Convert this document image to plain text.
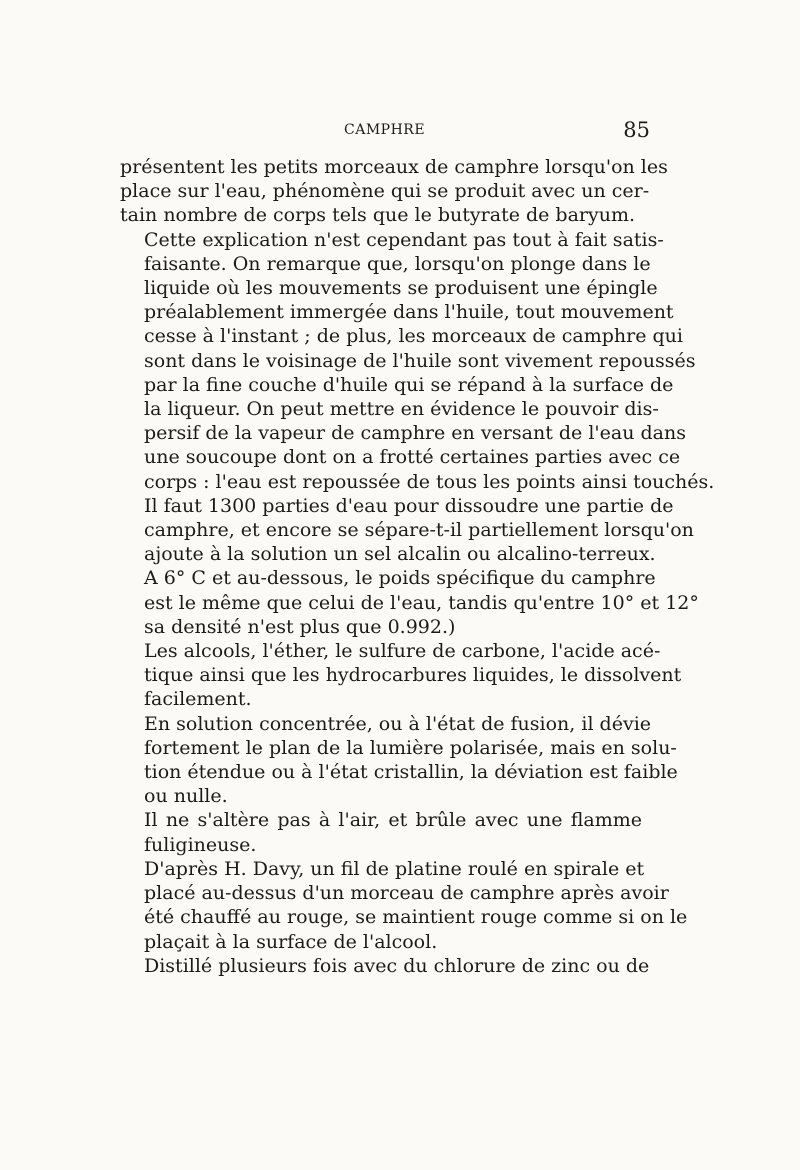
CAMPHRE	85
présentent les petits morceaux de camphre lorsqu'on les
place sur l'eau, phénomène qui se produit avec un cer-
tain nombre de corps tels que le butyrate de baryum.
Cette explication n'est cependant pas tout à fait satis-
faisante. On remarque que, lorsqu'on plonge dans le
liquide où les mouvements se produisent une épingle
préalablement immergée dans l'huile, tout mouvement
cesse à l'instant ; de plus, les morceaux de camphre qui
sont dans le voisinage de l'huile sont vivement repoussés
par la fine couche d'huile qui se répand à la surface de
la liqueur. On peut mettre en évidence le pouvoir dis-
persif de la vapeur de camphre en versant de l'eau dans
une soucoupe dont on a frotté certaines parties avec ce
corps : l'eau est repoussée de tous les points ainsi touchés.
Il faut 1300 parties d'eau pour dissoudre une partie de
camphre, et encore se sépare-t-il partiellement lorsqu'on
ajoute à la solution un sel alcalin ou alcalino-terreux.
A 6° C et au-dessous, le poids spécifique du camphre
est le même que celui de l'eau, tandis qu'entre 10° et 12°
sa densité n'est plus que 0.992.)
Les alcools, l'éther, le sulfure de carbone, l'acide acé-
tique ainsi que les hydrocarbures liquides, le dissolvent
facilement.
En solution concentrée, ou à l'état de fusion, il dévie
fortement le plan de la lumière polarisée, mais en solu-
tion étendue ou à l'état cristallin, la déviation est faible
ou nulle.
Il ne s'altère pas à l'air, et brûle avec une flamme
fuligineuse.
D'après H. Davy, un fil de platine roulé en spirale et
placé au-dessus d'un morceau de camphre après avoir
été chauffé au rouge, se maintient rouge comme si on le
plaçait à la surface de l'alcool.
Distillé plusieurs fois avec du chlorure de zinc ou de
